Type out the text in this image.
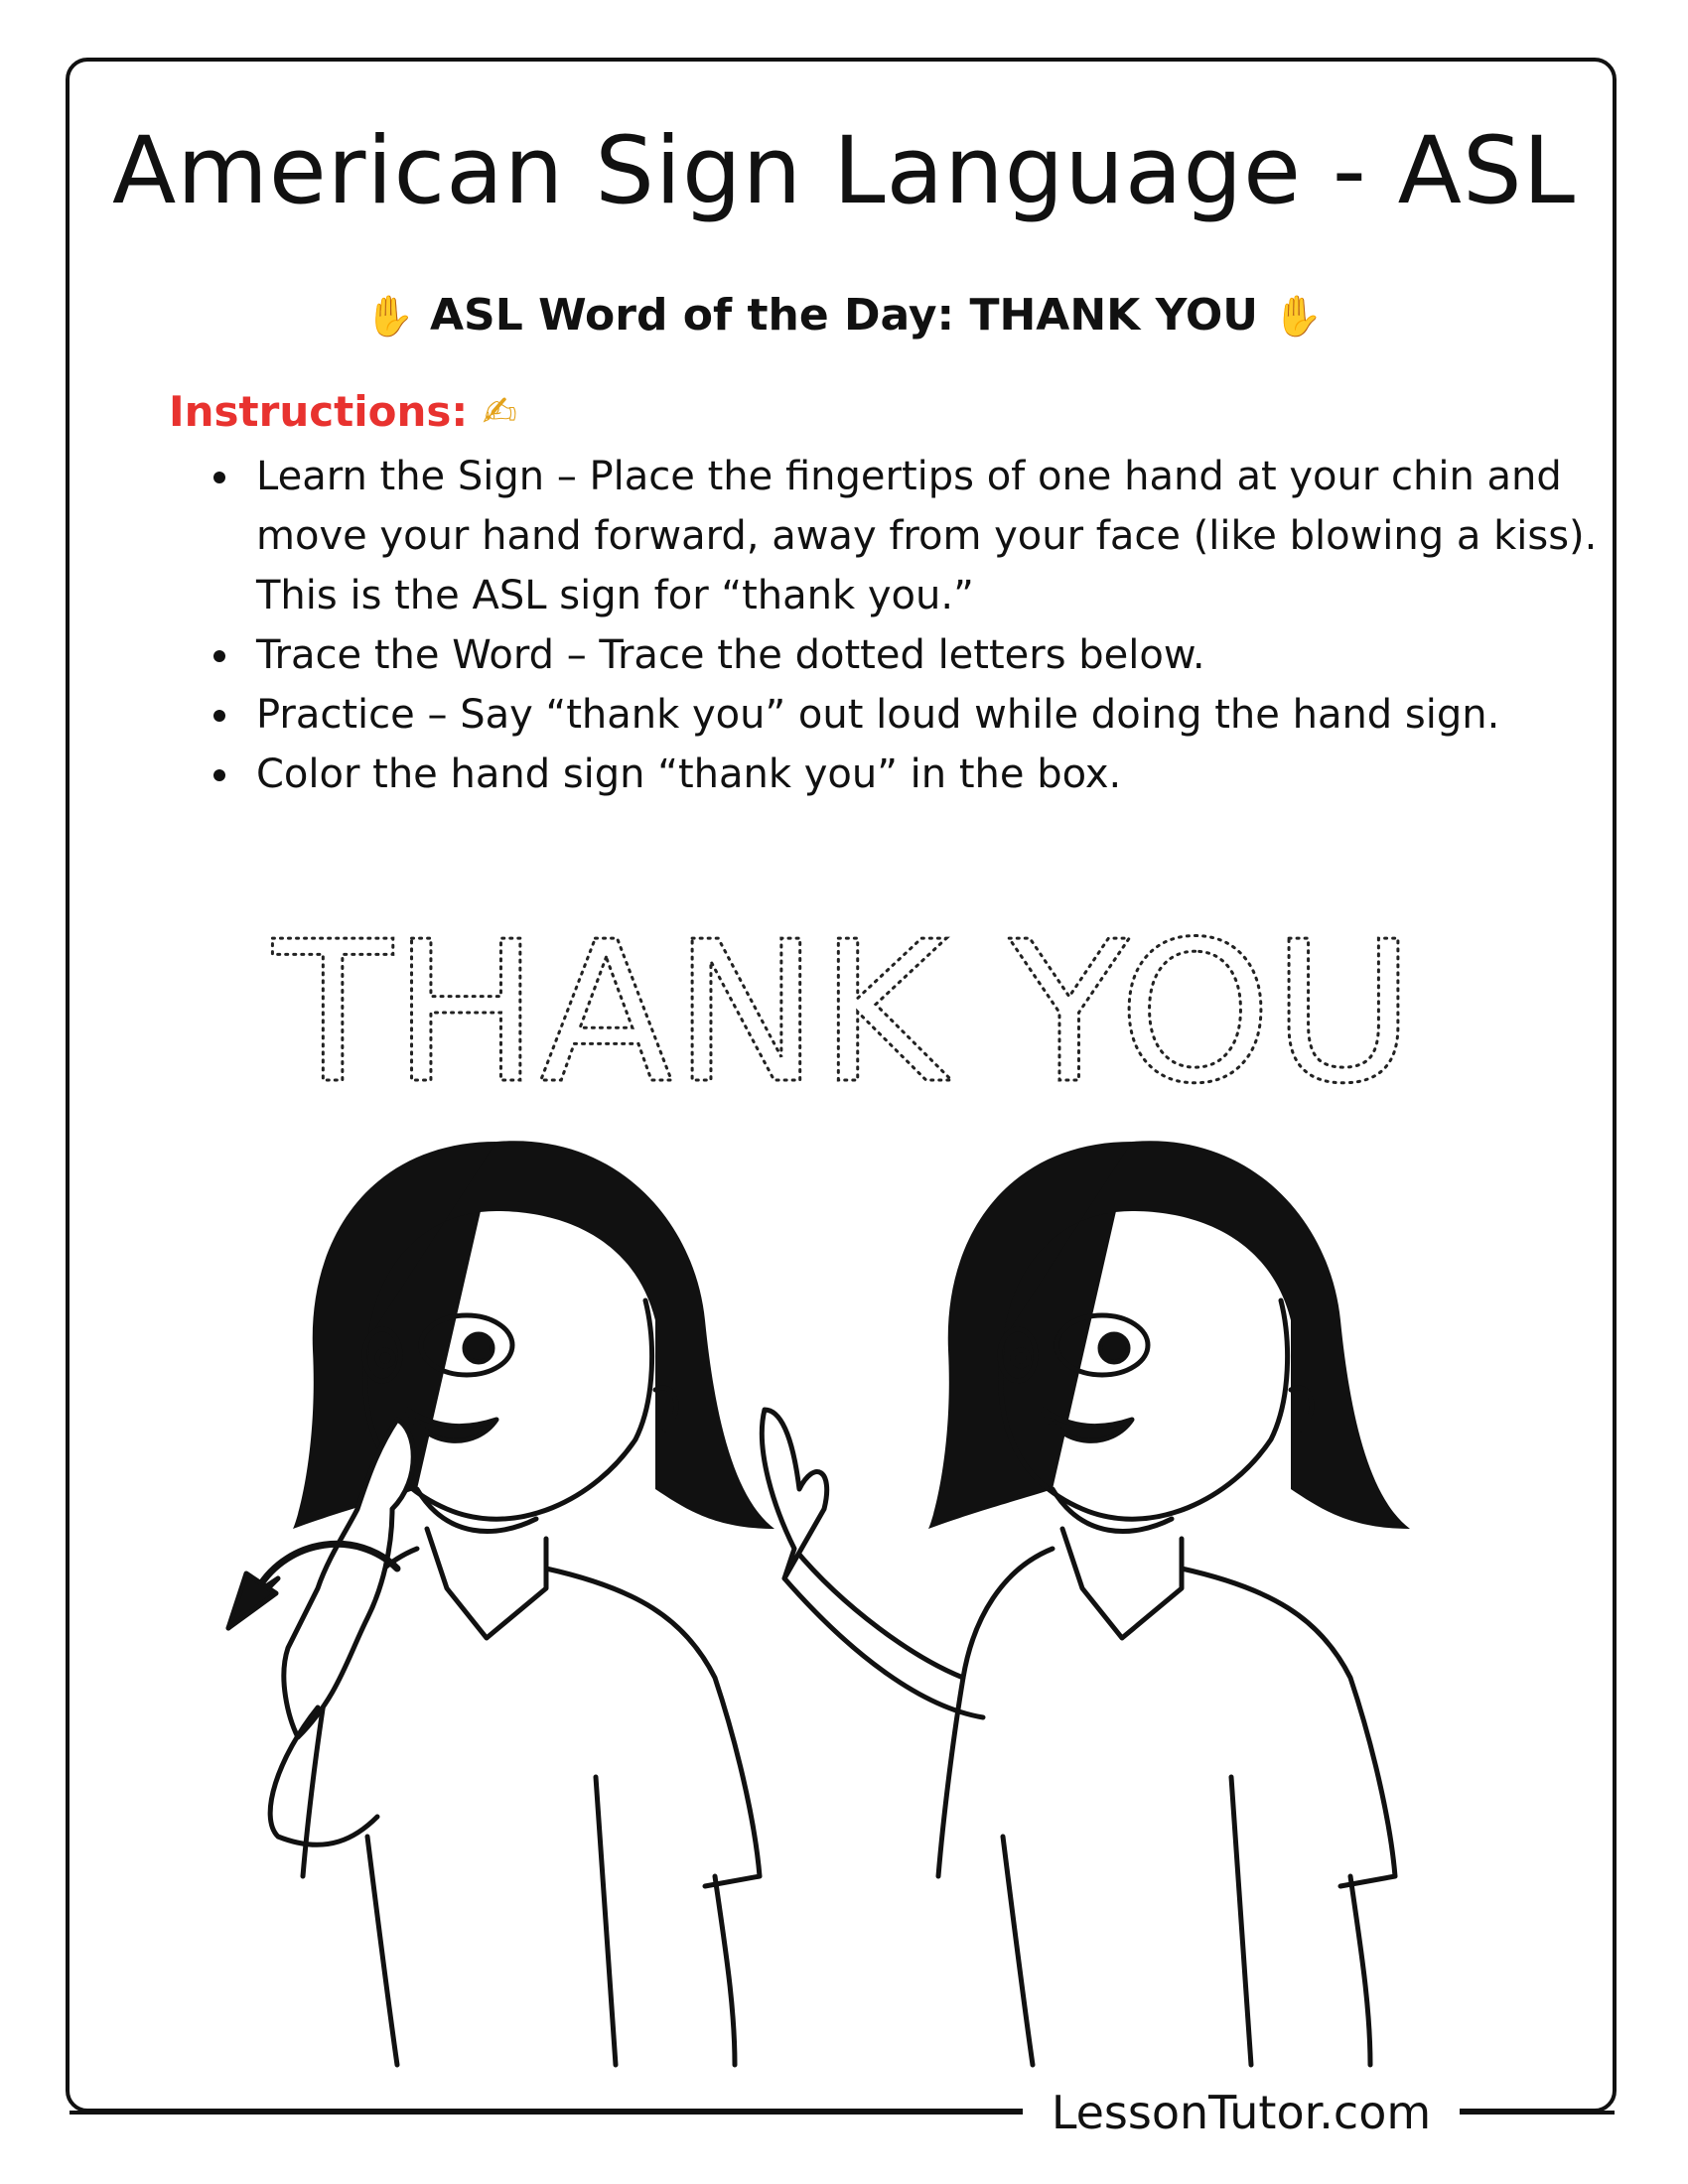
American Sign Language - ASL
✋ ASL Word of the Day: THANK YOU ✋
Instructions: ✍
• Learn the Sign – Place the fingertips of one hand at your chin and move your hand forward, away from your face (like blowing a kiss). This is the ASL sign for “thank you.”
• Trace the Word – Trace the dotted letters below.
• Practice – Say “thank you” out loud while doing the hand sign.
• Color the hand sign “thank you” in the box.
THANK YOU
LessonTutor.com
